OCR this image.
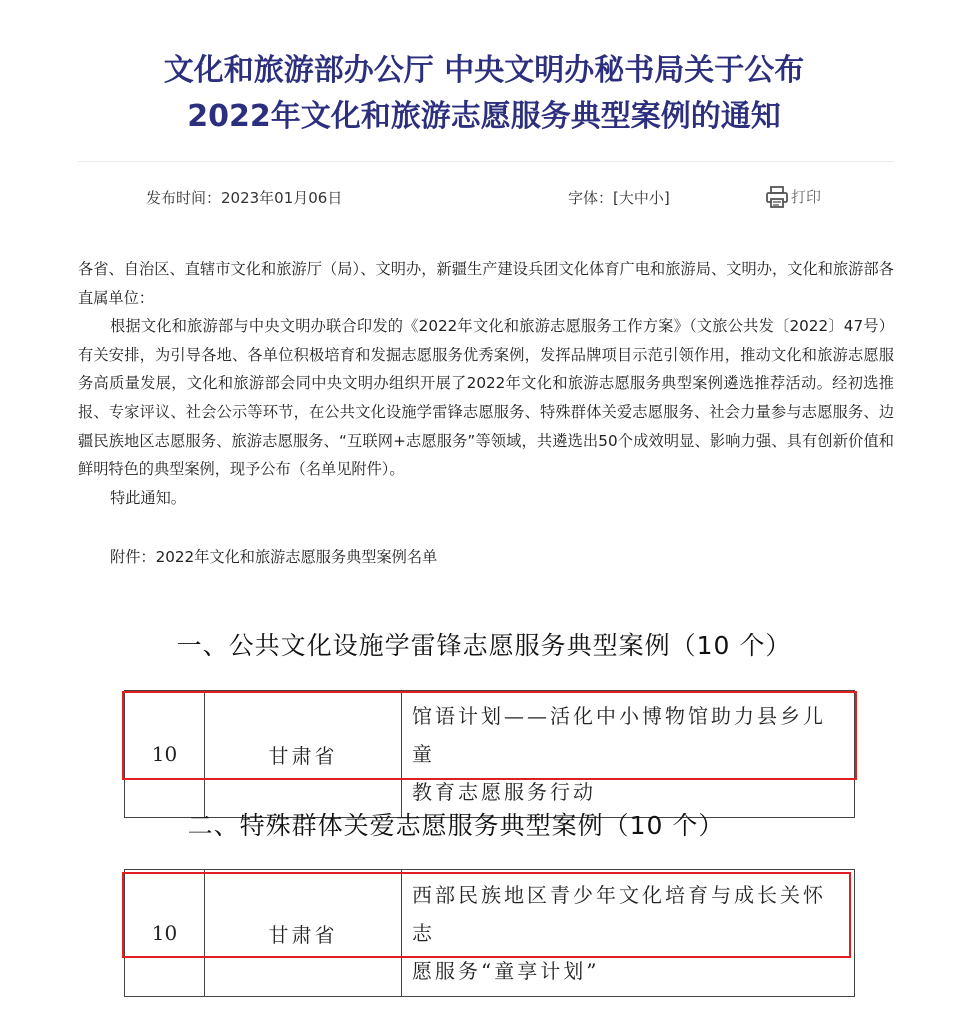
文化和旅游部办公厅 中央文明办秘书局关于公布
2022年文化和旅游志愿服务典型案例的通知
发布时间：2023年01月06日	字体：[大中小]	打印

各省、自治区、直辖市文化和旅游厅（局）、文明办，新疆生产建设兵团文化体育广电和旅游局、文明办，文化和旅游部各直属单位：

根据文化和旅游部与中央文明办联合印发的《2022年文化和旅游志愿服务工作方案》（文旅公共发〔2022〕47号）有关安排，为引导各地、各单位积极培育和发掘志愿服务优秀案例，发挥品牌项目示范引领作用，推动文化和旅游志愿服务高质量发展，文化和旅游部会同中央文明办组织开展了2022年文化和旅游志愿服务典型案例遴选推荐活动。经初选推报、专家评议、社会公示等环节，在公共文化设施学雷锋志愿服务、特殊群体关爱志愿服务、社会力量参与志愿服务、边疆民族地区志愿服务、旅游志愿服务、“互联网+志愿服务”等领域，共遴选出50个成效明显、影响力强、具有创新价值和鲜明特色的典型案例，现予公布（名单见附件）。

特此通知。

附件：2022年文化和旅游志愿服务典型案例名单
一、公共文化设施学雷锋志愿服务典型案例（10 个）
10	甘肃省	
馆语计划——活化中小博物馆助力县乡儿童
教育志愿服务行动
二、特殊群体关爱志愿服务典型案例（10 个）
10	甘肃省	
西部民族地区青少年文化培育与成长关怀志
愿服务“童享计划”
